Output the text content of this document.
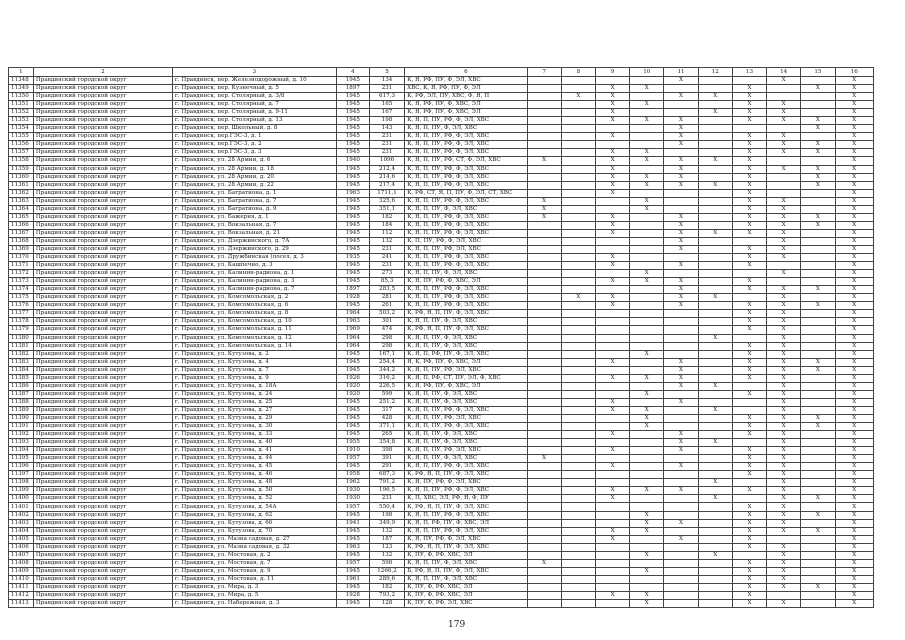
1	2	3	4	5	6	7	8	9	10	11	12	13	14	15	16
11348	Правдинский городской округ	г. Правдинск, пер. Железнодорожный, д. 10	1945	134	К, Я, РФ, ПУ, Ф, ЭЛ, ХВС					Х			Х		Х
11349	Правдинский городской округ	г. Правдинск, пер. Кузнечный, д. 5	1897	231	ХВС, К, Я, РФ, ПУ, Ф, ЭЛ			Х	Х			Х		Х	Х
11350	Правдинский городской округ	г. Правдинск, пер. Столярный, д. 3/8	1945	617,3	К, РФ, ЭЛ, ПУ, ХВС, Ф, Я, П		Х	Х		Х	Х	Х			Х
11351	Правдинский городской округ	г. Правдинск, пер. Столярный, д. 7	1945	165	К, Я, РФ, ПУ, Ф, ХВС, ЭЛ			Х	Х			Х	Х		Х
11352	Правдинский городской округ	г. Правдинск, пер. Столярный, д. 9-11	1945	167	К, Я, РФ, ПУ, Ф, ХВС, ЭЛ			Х			Х	Х	Х		Х
11353	Правдинский городской округ	г. Правдинск, пер. Столярный, д. 13	1945	198	К, Я, П, ПУ, РФ, Ф, ЭЛ, ХВС			Х	Х	Х		Х	Х	Х	Х
11354	Правдинский городской округ	г. Правдинск, пер. Школьный, д. 8	1945	143	К, Я, П, ПУ, Ф, ЭЛ, ХВС					Х				Х	Х
11355	Правдинский городской округ	г. Правдинск, пер.ГЭС-3, д. 1	1945	231	К, Я, П, ПУ, РФ, Ф, ЭЛ, ХВС			Х		Х		Х	Х		Х
11356	Правдинский городской округ	г. Правдинск, пер.ГЭС-3, д. 2	1945	231	К, Я, П, ПУ, РФ, Ф, ЭЛ, ХВС					Х		Х	Х	Х	Х
11357	Правдинский городской округ	г. Правдинск, пер.ГЭС-3, д. 3	1945	231	К, Я, П, ПУ, РФ, Ф, ЭЛ, ХВС			Х	Х			Х	Х	Х	Х
11358	Правдинский городской округ	г. Правдинск, ул. 28 Армии, д. 6	1940	1096	К, Я, П, ПУ, РФ, СТ, Ф, ЭЛ, ХВС	Х		Х	Х	Х	Х	Х			Х
11359	Правдинский городской округ	г. Правдинск, ул. 28 Армии, д. 18	1945	212,4	К, Я, П, ПУ, РФ, Ф, ЭЛ, ХВС			Х		Х		Х	Х	Х	Х
11360	Правдинский городской округ	г. Правдинск, ул. 28 Армии, д. 20	1945	214,6	К, Я, П, ПУ, РФ, Ф, ЭЛ, ХВС			Х	Х	Х		Х		Х	Х
11361	Правдинский городской округ	г. Правдинск, ул. 28 Армии, д. 22	1945	217,4	К, Я, П, ПУ, РФ, Ф, ЭЛ, ХВС			Х	Х	Х	Х	Х		Х	Х
11362	Правдинский городской округ	г. Правдинск, ул. Багратиона, д. 1	1963	1711,1	К, РФ, СТ, Я, П, ПУ, Ф, ЭЛ, СТ, ХВС			Х				Х			Х
11363	Правдинский городской округ	г. Правдинск, ул. Багратиона, д. 7	1945	325,6	К, Я, П, ПУ, РФ, Ф, ЭЛ, ХВС	Х			Х			Х	Х		Х
11364	Правдинский городской округ	г. Правдинск, ул. Багратиона, д. 9	1945	351,1	К, Я, П, ПУ, Ф, ЭЛ, ХВС	Х			Х			Х	Х		Х
11365	Правдинский городской округ	г. Правдинск, ул. Бажерия, д. 1	1945	182	К, Я, П, ПУ, РФ, Ф, ЭЛ, ХВС	Х		Х		Х		Х	Х	Х	Х
11366	Правдинский городской округ	г. Правдинск, ул. Вокзальная, д. 7	1945	184	К, Я, П, ПУ, РФ, Ф, ЭЛ, ХВС			Х		Х		Х	Х	Х	Х
11367	Правдинский городской округ	г. Правдинск, ул. Вокзальная, д. 21	1945	112	К, Я, П, ПУ, РФ, Ф, ЭЛ, ХВС			Х		Х	Х	Х	Х		Х
11368	Правдинский городской округ	г. Правдинск, ул. Дзержинского, д. 7А	1945	132	К, П, ПУ, РФ, Ф, ЭЛ, ХВС					Х			Х		Х
11369	Правдинский городской округ	г. Правдинск, ул. Дзержинского, д. 29	1945	231	К, Я, П, ПУ, РФ, ЭЛ, ХВС					Х		Х	Х		Х
11370	Правдинский городской округ	г. Правдинск, ул. Дружбинская (посел. д. 3	1935	241	К, Я, П, ПУ, РФ, Ф, ЭЛ, ХВС			Х				Х	Х		Х
11371	Правдинский городской округ	г. Правдинск, ул. Кашпечно, д. 3	1945	231	К, Я, П, ПУ, РФ, Ф, ЭЛ, ХВС			Х		Х		Х			Х
11372	Правдинский городской округ	г. Правдинск, ул. Калинин-радиона, д. 1	1945	273	К, Я, П, ПУ, Ф, ЭЛ, ХВС				Х				Х		Х
11373	Правдинский городской округ	г. Правдинск, ул. Калинин-радиона, д. 3	1945	85,3	К, Я, ПУ, РФ, Ф, ХВС, ЭЛ			Х	Х	Х		Х			Х
11374	Правдинский городской округ	г. Правдинск, ул. Калинин-радиона, д. 7	1897	283,5	К, Я, П, ПУ, РФ, Ф, ЭЛ, ХВС					Х		Х	Х	Х	Х
11375	Правдинский городской округ	г. Правдинск, ул. Комсомольская, д. 2	1928	281	К, Я, П, ПУ, РФ, Ф, ЭЛ, ХВС		Х	Х		Х	Х		Х		Х
11376	Правдинский городской округ	г. Правдинск, ул. Комсомольская, д. 6	1945	261	К, Я, П, ПУ, РФ, Ф, ЭЛ, ХВС			Х		Х		Х	Х	Х	Х
11377	Правдинский городской округ	г. Правдинск, ул. Комсомольская, д. 8	1964	503,2	К, РФ, Я, П, ПУ, Ф, ЭЛ, ХВС							Х	Х		Х
11378	Правдинский городской округ	г. Правдинск, ул. Комсомольская, д. 10	1963	301	К, Я, П, ПУ, Ф, ЭЛ, ХВС							Х	Х		Х
11379	Правдинский городской округ	г. Правдинск, ул. Комсомольская, д. 11	1969	474	К, РФ, Я, П, ПУ, Ф, ЭЛ, ХВС							Х	Х		Х
11380	Правдинский городской округ	г. Правдинск, ул. Комсомольская, д. 12	1964	298	К, Я, П, ПУ, Ф, ЭЛ, ХВС						Х		Х		Х
11381	Правдинский городской округ	г. Правдинск, ул. Комсомольская, д. 14	1964	298	К, Я, П, ПУ, Ф, ЭЛ, ХВС							Х	Х		Х
11382	Правдинский городской округ	г. Правдинск, ул. Кутузова, д. 2	1945	167,1	К, Я, П, РФ, ПУ, Ф, ЭЛ, ХВС				Х			Х	Х		Х
11383	Правдинский городской округ	г. Правдинск, ул. Кутузова, д. 4	1945	254,4	Я, К, РФ, ПУ, Ф, ХВС, ЭЛ			Х		Х		Х	Х	Х	Х
11384	Правдинский городской округ	г. Правдинск, ул. Кутузова, д. 7	1945	344,2	К, Я, П, ПУ, РФ, ЭЛ, ХВС					Х		Х	Х	Х	Х
11385	Правдинский городской округ	г. Правдинск, ул. Кутузова, д. 9	1926	316,2	К, Я, П, РФ, СТ, ПУ, ЭЛ, Ф, ХВС			Х	Х	Х		Х	Х		Х
11386	Правдинский городской округ	г. Правдинск, ул. Кутузова, д. 18А	1920	226,5	К, Я, РФ, ПУ, Ф, ХВС, ЭЛ					Х	Х		Х		Х
11387	Правдинский городской округ	г. Правдинск, ул. Кутузова, д. 24	1920	599	К, Я, П, ПУ, Ф, ЭЛ, ХВС				Х			Х	Х		Х
11388	Правдинский городской округ	г. Правдинск, ул. Кутузова, д. 25	1945	251,2	К, Я, П, ПУ, Ф, ЭЛ, ХВС			Х		Х			Х		Х
11389	Правдинский городской округ	г. Правдинск, ул. Кутузова, д. 27	1945	317	К, Я, П, ПУ, РФ, Ф, ЭЛ, ХВС			Х	Х		Х		Х		Х
11390	Правдинский городской округ	г. Правдинск, ул. Кутузова, д. 29	1945	428	К, Я, П, ПУ, РФ, ЭЛ, ХВС				Х			Х	Х	Х	Х
11391	Правдинский городской округ	г. Правдинск, ул. Кутузова, д. 30	1945	371,1	К, Я, П, ПУ, РФ, Ф, ЭЛ, ХВС				Х			Х	Х	Х	Х
11392	Правдинский городской округ	г. Правдинск, ул. Кутузова, д. 33	1945	265	К, Я, П, ПУ, Ф, ЭЛ, ХВС			Х		Х		Х	Х		Х
11393	Правдинский городской округ	г. Правдинск, ул. Кутузова, д. 40	1955	354,8	К, Я, П, ПУ, Ф, ЭЛ, ХВС					Х	Х		Х		Х
11394	Правдинский городской округ	г. Правдинск, ул. Кутузова, д. 41	1910	398	К, Я, П, ПУ, РФ, ЭЛ, ХВС			Х		Х		Х	Х		Х
11395	Правдинский городской округ	г. Правдинск, ул. Кутузова, д. 44	1957	391	К, Я, П, ПУ, Ф, ЭЛ, ХВС	Х						Х	Х		Х
11396	Правдинский городской округ	г. Правдинск, ул. Кутузова, д. 45	1945	291	К, Я, П, ПУ, РФ, Ф, ЭЛ, ХВС			Х		Х		Х	Х		Х
11397	Правдинский городской округ	г. Правдинск, ул. Кутузова, д. 46	1958	687,3	К, РФ, Я, П, ПУ, Ф, ЭЛ, ХВС							Х	Х		Х
11398	Правдинский городской округ	г. Правдинск, ул. Кутузова, д. 48	1962	791,2	К, Я, ПУ, РФ, Ф, ЭЛ, ХВС						Х		Х		Х
11399	Правдинский городской округ	г. Правдинск, ул. Кутузова, д. 50	1930	196,5	К, Я, П, ПУ, РФ, Ф, ЭЛ, ХВС			Х	Х	Х		Х	Х		Х
11400	Правдинский городской округ	г. Правдинск, ул. Кутузова, д. 52	1930	231	К, П, ХВС, ЭЛ, РФ, Я, Ф, ПУ			Х			Х		Х	Х	Х
11401	Правдинский городской округ	г. Правдинск, ул. Кутузова, д. 54А	1957	550,4	К, РФ, Я, П, ПУ, Ф, ЭЛ, ХВС							Х	Х		Х
11402	Правдинский городской округ	г. Правдинск, ул. Кутузова, д. 62	1945	198	К, Я, П, ПУ, РФ, Ф, ЭЛ, ХВС				Х			Х	Х	Х	Х
11403	Правдинский городской округ	г. Правдинск, ул. Кутузова, д. 66	1941	349,9	К, Я, П, РФ, ПУ, Ф, ХВС, ЭЛ				Х	Х		Х	Х		Х
11404	Правдинский городской округ	г. Правдинск, ул. Кутузова, д. 70	1945	132	К, Я, П, ПУ, РФ, Ф, ЭЛ, ХВС			Х	Х			Х	Х	Х	Х
11405	Правдинский городской округ	г. Правдинск, ул. Мазна садовая, д. 27	1945	187	К, Я, ПУ, РФ, Ф, ЭЛ, ХВС			Х		Х		Х			Х
11406	Правдинский городской округ	г. Правдинск, ул. Мазна садовая, д. 32	1963	123	К, РФ, Я, П, ПУ, Ф, ЭЛ, ХВС							Х	Х		Х
11407	Правдинский городской округ	г. Правдинск, ул. Мостовая, д. 2	1945	132	К, ПУ, Ф, РФ, ХВС, ЭЛ				Х		Х		Х		Х
11408	Правдинский городской округ	г. Правдинск, ул. Мостовая, д. 7	1957	598	К, Я, П, ПУ, Ф, ЭЛ, ХВС	Х						Х	Х		Х
11409	Правдинский городской округ	г. Правдинск, ул. Мостовая, д. 9	1945	1266,2	Б, РФ, Я, П, ПУ, Ф, ЭЛ, ХВС				Х			Х	Х		Х
11410	Правдинский городской округ	г. Правдинск, ул. Мостовая, д. 11	1961	289,6	К, Я, П, ПУ, Ф, ЭЛ, ХВС							Х	Х		Х
11411	Правдинский городской округ	г. Правдинск, ул. Мира, д. 3	1945	182	К, ПУ, Ф, РФ, ХВС, ЭЛ							Х	Х	Х	Х
11412	Правдинский городской округ	г. Правдинск, ул. Мира, д. 5	1928	793,2	К, ПУ, Ф, РФ, ХВС, ЭЛ			Х	Х			Х			Х
11413	Правдинский городской округ	г. Правдинск, ул. Набережная, д. 3	1945	128	К, ПУ, Ф, РФ, ЭЛ, ХВС				Х			Х	Х		Х
179
